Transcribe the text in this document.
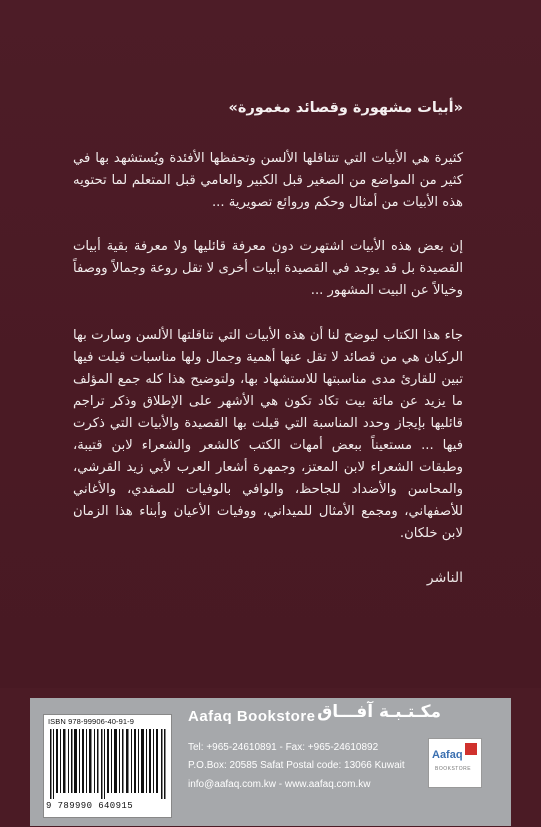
«أبيات مشهورة وقصائد مغمورة»
كثيرة هي الأبيات التي تتناقلها الألسن وتحفظها الأفئدة ويُستشهد بها في كثير من المواضع من الصغير قبل الكبير والعامي قبل المتعلم لما تحتويه هذه الأبيات من أمثال وحكم وروائع تصويرية ...
إن بعض هذه الأبيات اشتهرت دون معرفة قائليها ولا معرفة بقية أبيات القصيدة بل قد يوجد في القصيدة أبيات أخرى لا تقل روعة وجمالاً ووصفاً وخيالاً عن البيت المشهور ...
جاء هذا الكتاب ليوضح لنا أن هذه الأبيات التي تناقلتها الألسن وسارت بها الركبان هي من قصائد لا تقل عنها أهمية وجمال ولها مناسبات قيلت فيها تبين للقارئ مدى مناسبتها للاستشهاد بها، ولتوضيح هذا كله جمع المؤلف ما يزيد عن مائة بيت تكاد تكون هي الأشهر على الإطلاق وذكر تراجم قائليها بإيجاز وحدد المناسبة التي قيلت بها القصيدة والأبيات التي ذكرت فيها ... مستعيناً ببعض أمهات الكتب كالشعر والشعراء لابن قتيبة، وطبقات الشعراء لابن المعتز، وجمهرة أشعار العرب لأبي زيد القرشي، والمحاسن والأضداد للجاحظ، والوافي بالوفيات للصفدي، والأغاني للأصفهاني، ومجمع الأمثال للميداني، ووفيات الأعيان وأبناء هذا الزمان لابن خلكان.
الناشر
ISBN 978-99906-40-91-9
9 789990 640915
Aafaq Bookstore مكـتـبـة آفـــاق
Tel: +965-24610891 - Fax: +965-24610892
P.O.Box: 20585 Safat Postal code: 13066 Kuwait
info@aafaq.com.kw - www.aafaq.com.kw
Aafaq
BOOKSTORE
